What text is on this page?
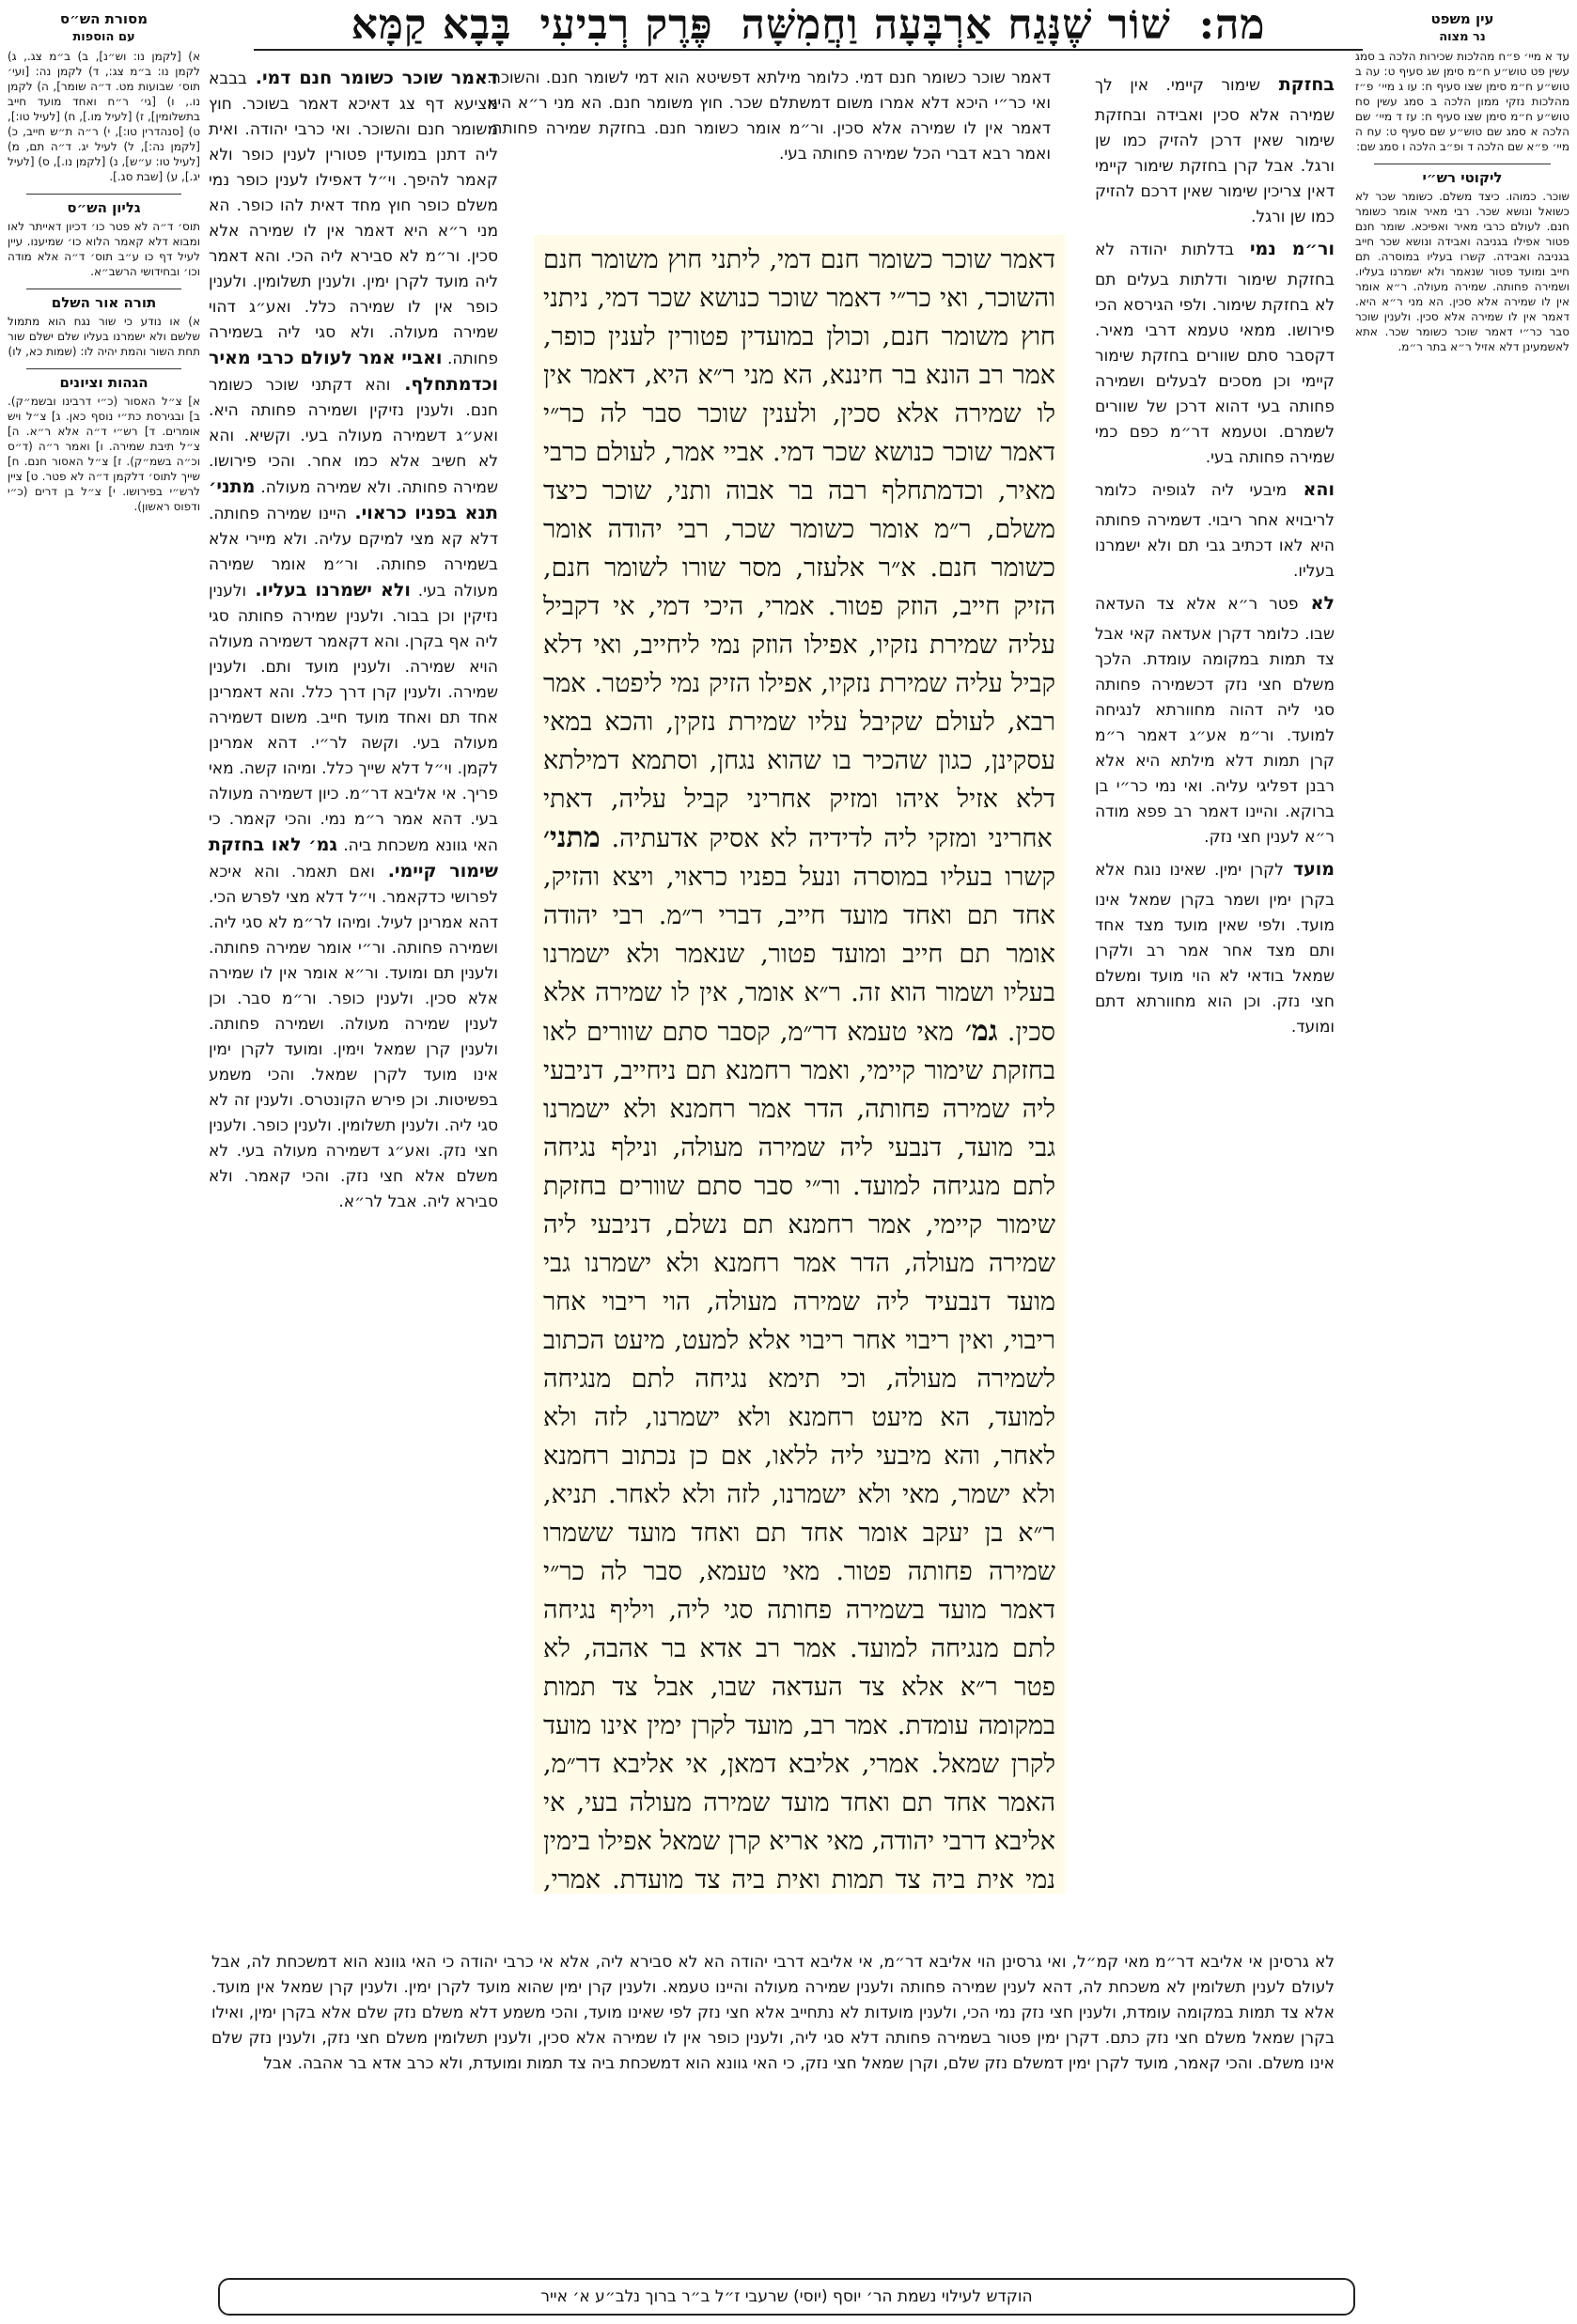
מה:
שׁוֹר שֶׁנָּגַח אַרְבָּעָה וַחֲמִשָּׁה
פֶּרֶק רְבִיעִי
בָּבָא קַמָּא	עין משפט
נר מצוה

עד א מיי׳ פ״ח מהלכות שכירות הלכה ב סמג עשין פט טוש״ע ח״מ סימן שג סעיף ט: עה ב טוש״ע ח״מ סימן שצו סעיף ח: עו ג מיי׳ פ״ז מהלכות נזקי ממון הלכה ב סמג עשין סח טוש״ע ח״מ סימן שצו סעיף ח: עז ד מיי׳ שם הלכה א סמג שם טוש״ע שם סעיף ט: עח ה מיי׳ פ״א שם הלכה ד ופ״ב הלכה ו סמג שם:

ליקוטי רש״י

שוכר. כמוהו. כיצד משלם. כשומר שכר לא כשואל ונושא שכר. רבי מאיר אומר כשומר חנם. לעולם כרבי מאיר ואפיכא. שומר חנם פטור אפילו בגניבה ואבידה ונושא שכר חייב בגניבה ואבידה. קשרו בעליו במוסרה. תם חייב ומועד פטור שנאמר ולא ישמרנו בעליו. ושמירה פחותה. שמירה מעולה. ר״א אומר אין לו שמירה אלא סכין. הא מני ר״א היא. דאמר אין לו שמירה אלא סכין. ולענין שוכר סבר כר״י דאמר שוכר כשומר שכר. אתא לאשמעינן דלא אזיל ר״א בתר ר״מ.

מסורת הש״ס
עם הוספות

א) [לקמן נו: וש״נ], ב) ב״מ צג., ג) לקמן נו: ב״מ צג:, ד) לקמן נה: [ועי׳ תוס׳ שבועות מט. ד״ה שומר], ה) לקמן נו., ו) [גי׳ ר״ח ואחד מועד חייב בתשלומין], ז) [לעיל מו.], ח) [לעיל טו:], ט) [סנהדרין טו:], י) ר״ה ת״ש חייב, כ) [לקמן נה:], ל) לעיל יג. ד״ה תם, מ) [לעיל טו: ע״ש], נ) [לקמן נו.], ס) [לעיל יג.], ע) [שבת סג.].

גליון הש״ס

תוס׳ ד״ה לא פטר כו׳ דכיון דאייתר לאו ומבוא דלא קאמר הלוא כו׳ שמיענו. עיין לעיל דף כו ע״ב תוס׳ ד״ה אלא מודה וכו׳ ובחידושי הרשב״א.

תורה אור השלם

א) או נודע כי שור נגח הוא מתמול שלשם ולא ישמרנו בעליו שלם ישלם שור תחת השור והמת יהיה לו: (שמות כא, לו)

הגהות וציונים

א] צ״ל האסור (כ״י דרבינו ובשמ״ק). ב] ובגירסת כת״י נוסף כאן. ג] צ״ל ויש אומרים. ד] רש״י ד״ה אלא ר״א. ה] צ״ל תיבת שמירה. ו] ואמר ר״ה (ד״ס וכ״ה בשמ״ק). ז] צ״ל האסור חנם. ח] שייך לתוס׳ דלקמן ד״ה לא פטר. ט] ציין לרש״י בפירושו. י] צ״ל בן דרים (כ״י ודפוס ראשון).

דאמר שוכר כשומר חנם דמי. כלומר מילתא דפשיטא הוא דמי לשומר חנם. והשוכר. ואי כר״י היכא דלא אמרו משום דמשתלם שכר. חוץ משומר חנם. הא מני ר״א היא דאמר אין לו שמירה אלא סכין. ור״מ אומר כשומר חנם. בחזקת שמירה פחותה. ואמר רבא דברי הכל שמירה פחותה בעי.
בחזקת שימור קיימי. אין לך שמירה אלא סכין ואבידה ובחזקת שימור שאין דרכן להזיק כמו שן ורגל. אבל קרן בחזקת שימור קיימי דאין צריכין שימור שאין דרכם להזיק כמו שן ורגל.
ור״מ נמי בדלתות יהודה לא בחזקת שימור ודלתות בעלים תם לא בחזקת שימור. ולפי הגירסא הכי פירושו. ממאי טעמא דרבי מאיר. דקסבר סתם שוורים בחזקת שימור קיימי וכן מסכים לבעלים ושמירה פחותה בעי דהוא דרכן של שוורים לשמרם. וטעמא דר״מ כפם כמי שמירה פחותה בעי.
והא מיבעי ליה לגופיה כלומר לריבויא אחר ריבוי. דשמירה פחותה היא לאו דכתיב גבי תם ולא ישמרנו בעליו.
לא פטר ר״א אלא צד העדאה שבו. כלומר דקרן אעדאה קאי אבל צד תמות במקומה עומדת. הלכך משלם חצי נזק דכשמירה פחותה סגי ליה דהוה מחוורתא לנגיחה למועד. ור״מ אע״ג דאמר ר״מ קרן תמות דלא מילתא היא אלא רבנן דפליגי עליה. ואי נמי כר״י בן ברוקא. והיינו דאמר רב פפא מודה ר״א לענין חצי נזק.
מועד לקרן ימין. שאינו נוגח אלא בקרן ימין ושמר בקרן שמאל אינו מועד. ולפי שאין מועד מצד אחד ותם מצד אחר אמר רב ולקרן שמאל בודאי לא הוי מועד ומשלם חצי נזק. וכן הוא מחוורתא דתם ומועד.
דאמר שוכר כשומר חנם דמי, ליתני חוץ משומר חנם והשוכר, ואי כר״י דאמר שוכר כנושא שכר דמי, ניתני חוץ משומר חנם, וכולן במועדין פטורין לענין כופר, אמר רב הונא בר חיננא, הא מני ר״א היא, דאמר אין לו שמירה אלא סכין, ולענין שוכר סבר לה כר״י דאמר שוכר כנושא שכר דמי. אביי אמר, לעולם כרבי מאיר, וכדמתחלף רבה בר אבוה ותני, שוכר כיצד משלם, ר״מ אומר כשומר שכר, רבי יהודה אומר כשומר חנם. א״ר אלעזר, מסר שורו לשומר חנם, הזיק חייב, הוזק פטור. אמרי, היכי דמי, אי דקביל עליה שמירת נזקיו, אפילו הוזק נמי ליחייב, ואי דלא קביל עליה שמירת נזקיו, אפילו הזיק נמי ליפטר. אמר רבא, לעולם שקיבל עליו שמירת נזקין, והכא במאי עסקינן, כגון שהכיר בו שהוא נגחן, וסתמא דמילתא דלא אזיל איהו ומזיק אחריני קביל עליה, דאתי אחריני ומזקי ליה לדידיה לא אסיק אדעתיה. מתני׳ קשרו בעליו במוסרה ונעל בפניו כראוי, ויצא והזיק, אחד תם ואחד מועד חייב, דברי ר״מ. רבי יהודה אומר תם חייב ומועד פטור, שנאמר ולא ישמרנו בעליו ושמור הוא זה. ר״א אומר, אין לו שמירה אלא סכין. גמ׳ מאי טעמא דר״מ, קסבר סתם שוורים לאו בחזקת שימור קיימי, ואמר רחמנא תם ניחייב, דניבעי ליה שמירה פחותה, הדר אמר רחמנא ולא ישמרנו גבי מועד, דנבעי ליה שמירה מעולה, ונילף נגיחה לתם מנגיחה למועד. ור״י סבר סתם שוורים בחזקת שימור קיימי, אמר רחמנא תם נשלם, דניבעי ליה שמירה מעולה, הדר אמר רחמנא ולא ישמרנו גבי מועד דנבעיד ליה שמירה מעולה, הוי ריבוי אחר ריבוי, ואין ריבוי אחר ריבוי אלא למעט, מיעט הכתוב לשמירה מעולה, וכי תימא נגיחה לתם מנגיחה למועד, הא מיעט רחמנא ולא ישמרנו, לזה ולא לאחר, והא מיבעי ליה ללאו, אם כן נכתוב רחמנא ולא ישמר, מאי ולא ישמרנו, לזה ולא לאחר. תניא, ר״א בן יעקב אומר אחד תם ואחד מועד ששמרו שמירה פחותה פטור. מאי טעמא, סבר לה כר״י דאמר מועד בשמירה פחותה סגי ליה, ויליף נגיחה לתם מנגיחה למועד. אמר רב אדא בר אהבה, לא פטר ר״א אלא צד העדאה שבו, אבל צד תמות במקומה עומדת. אמר רב, מועד לקרן ימין אינו מועד לקרן שמאל. אמרי, אליבא דמאן, אי אליבא דר״מ, האמר אחד תם ואחד מועד שמירה מעולה בעי, אי אליבא דרבי יהודה, מאי אריא קרן שמאל אפילו בימין נמי אית ביה צד תמות ואית ביה צד מועדת. אמרי,
דאמר שוכר כשומר חנם דמי. בבבא מציעא דף צג דאיכא דאמר בשוכר. חוץ משומר חנם והשוכר. ואי כרבי יהודה. ואית ליה דתנן במועדין פטורין לענין כופר ולא קאמר להיפך. וי״ל דאפילו לענין כופר נמי משלם כופר חוץ מחד דאית להו כופר. הא מני ר״א היא דאמר אין לו שמירה אלא סכין. ור״מ לא סבירא ליה הכי. והא דאמר ליה מועד לקרן ימין. ולענין תשלומין. ולענין כופר אין לו שמירה כלל. ואע״ג דהוי שמירה מעולה. ולא סגי ליה בשמירה פחותה. ואביי אמר לעולם כרבי מאיר וכדמתחלף. והא דקתני שוכר כשומר חנם. ולענין נזיקין ושמירה פחותה היא. ואע״ג דשמירה מעולה בעי. וקשיא. והא לא חשיב אלא כמו אחר. והכי פירושו. שמירה פחותה. ולא שמירה מעולה. מתני׳ תנא בפניו כראוי. היינו שמירה פחותה. דלא קא מצי למיקם עליה. ולא מיירי אלא בשמירה פחותה. ור״מ אומר שמירה מעולה בעי. ולא ישמרנו בעליו. ולענין נזיקין וכן בבור. ולענין שמירה פחותה סגי ליה אף בקרן. והא דקאמר דשמירה מעולה הויא שמירה. ולענין מועד ותם. ולענין שמירה. ולענין קרן דרך כלל. והא דאמרינן אחד תם ואחד מועד חייב. משום דשמירה מעולה בעי. וקשה לר״י. דהא אמרינן לקמן. וי״ל דלא שייך כלל. ומיהו קשה. מאי פריך. אי אליבא דר״מ. כיון דשמירה מעולה בעי. דהא אמר ר״מ נמי. והכי קאמר. כי האי גוונא משכחת ביה. גמ׳ לאו בחזקת שימור קיימי. ואם תאמר. והא איכא לפרושי כדקאמר. וי״ל דלא מצי לפרש הכי. דהא אמרינן לעיל. ומיהו לר״מ לא סגי ליה. ושמירה פחותה. ור״י אומר שמירה פחותה. ולענין תם ומועד. ור״א אומר אין לו שמירה אלא סכין. ולענין כופר. ור״מ סבר. וכן לענין שמירה מעולה. ושמירה פחותה. ולענין קרן שמאל וימין. ומועד לקרן ימין אינו מועד לקרן שמאל. והכי משמע בפשיטות. וכן פירש הקונטרס. ולענין זה לא סגי ליה. ולענין תשלומין. ולענין כופר. ולענין חצי נזק. ואע״ג דשמירה מעולה בעי. לא משלם אלא חצי נזק. והכי קאמר. ולא סבירא ליה. אבל לר״א.
לא גרסינן אי אליבא דר״מ מאי קמ״ל, ואי גרסינן הוי אליבא דר״מ, אי אליבא דרבי יהודה הא לא סבירא ליה, אלא אי כרבי יהודה כי האי גוונא הוא דמשכחת לה, אבל לעולם לענין תשלומין לא משכחת לה, דהא לענין שמירה פחותה ולענין שמירה מעולה והיינו טעמא. ולענין קרן ימין שהוא מועד לקרן ימין. ולענין קרן שמאל אין מועד. אלא צד תמות במקומה עומדת, ולענין חצי נזק נמי הכי, ולענין מועדות לא נתחייב אלא חצי נזק לפי שאינו מועד, והכי משמע דלא משלם נזק שלם אלא בקרן ימין, ואילו בקרן שמאל משלם חצי נזק כתם. דקרן ימין פטור בשמירה פחותה דלא סגי ליה, ולענין כופר אין לו שמירה אלא סכין, ולענין תשלומין משלם חצי נזק, ולענין נזק שלם אינו משלם. והכי קאמר, מועד לקרן ימין דמשלם נזק שלם, וקרן שמאל חצי נזק, כי האי גוונא הוא דמשכחת ביה צד תמות ומועדת, ולא כרב אדא בר אהבה. אבל
הוקדש לעילוי נשמת הר׳ יוסף (יוסי) שרעבי ז״ל ב״ר ברוך נלב״ע א׳ אייר
